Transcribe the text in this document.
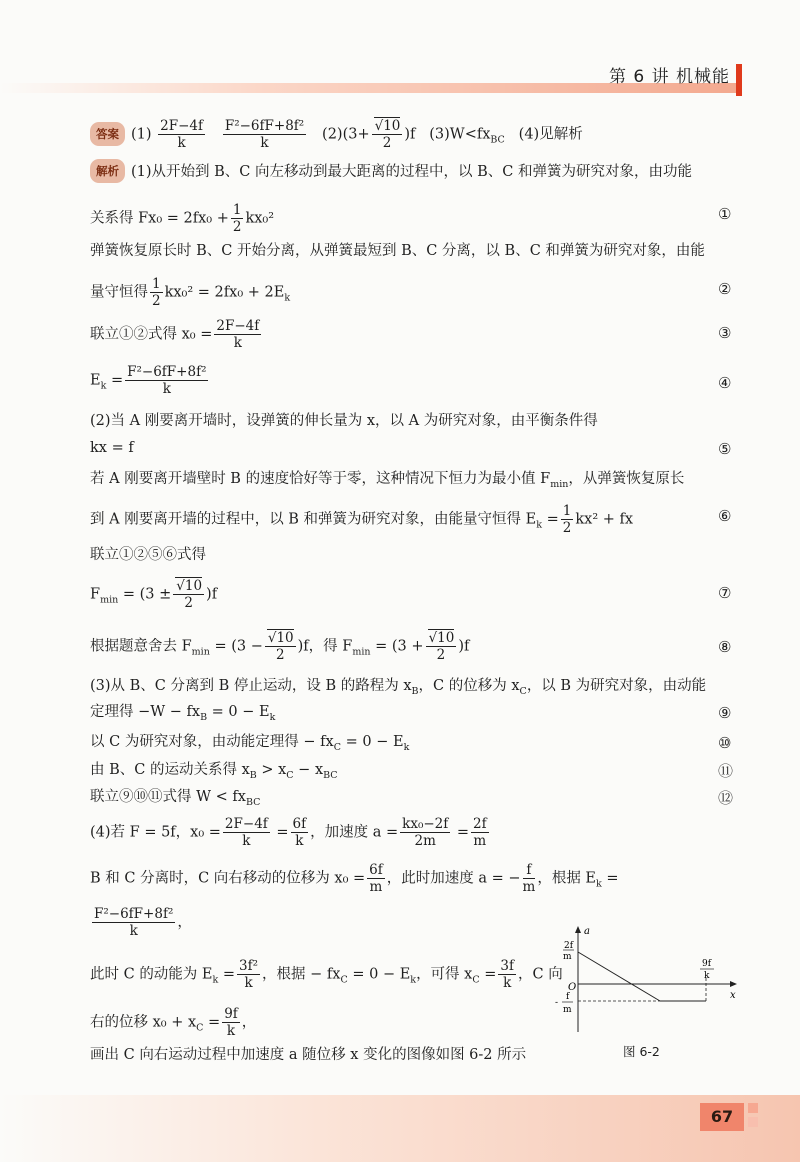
第 6 讲 机械能
答案 $(1) \frac{2F-4f}{k}$
$\frac{\text{F²−6fF+8f²}}{k} (2)(3+ \frac{√10}{2} )f$ $(3)W<fx_{BC}$ (4)见解析
解析 (1)从开始到 B、C 向左移动到最大距离的过程中，以 B、C 和弹簧为研究对象，由功能
关系得 $Fx_0 = 2fx_0 + \frac{1}{2} kx_0^2$	①
弹簧恢复原长时 B、C 开始分离，从弹簧最短到 B、C 分离，以 B、C 和弹簧为研究对象，由能
量守恒得 $\frac{1}{2} kx_0^2 = 2fx_0 + 2E_k$	②
联立①②式得 $x_0 = \frac{2F-4f}{k}$	③
$E_k = \frac{\text{F²−6fF+8f²}}{k}$	④
(2)当 A 刚要离开墙时，设弹簧的伸长量为 x，以 A 为研究对象，由平衡条件得
kx = f	⑤
若 A 刚要离开墙壁时 B 的速度恰好等于零，这种情况下恒力为最小值 $F_{min}$，从弹簧恢复原长
到 A 刚要离开墙的过程中，以 B 和弹簧为研究对象，由能量守恒得 $E_k = \frac{1}{2} kx^2$ + fx	⑥
联立①②⑤⑥式得
$F_{min} = (3 \pm \frac{√10}{2} )f$	⑦
根据题意舍去 $F_{min} = (3 - \frac{√10}{2} )f$，得 $F_{min} = (3 + \frac{√10}{2} )f$	⑧
(3)从 B、C 分离到 B 停止运动，设 B 的路程为 $x_B$，C 的位移为 $x_C$，以 B 为研究对象，由动能
定理得 $-W - fx_B = 0 - E_k$	⑨
以 C 为研究对象，由动能定理得 − $fx_C = 0 - E_k$	⑩
由 B、C 的运动关系得 $x_B > x_C - x_{BC}$	⑪
联立⑨⑩⑪式得 $W < fx_{BC}$	⑫
(4)若 F = 5f，$x_0 = \frac{2F-4f}{k} = \frac{6f}{k}$ ，加速度 $a = \frac{\text{kx₀−2f}}{2m} = \frac{2f}{m}$
B 和 C 分离时，C 向右移动的位移为 $x_0 = \frac{6f}{m}$ ，此时加速度 a = − $\frac{f}{m}$ ，根据 $E_k$ =
$\frac{\text{F²−6fF+8f²}}{k}$ ，
此时 C 的动能为 $E_k = \frac{\text{3f²}}{k}$ ，根据 − $fx_C = 0 - E_k$，可得 $x_C = \frac{3f}{k}$ ，C 向
右的位移 $x_0 + x_C = \frac{9f}{k}$ ，
画出 C 向右运动过程中加速度 a 随位移 x 变化的图像如图 6-2 所示
a
x
O
2f
m
-
f
m
9f
k
图 6-2
67
